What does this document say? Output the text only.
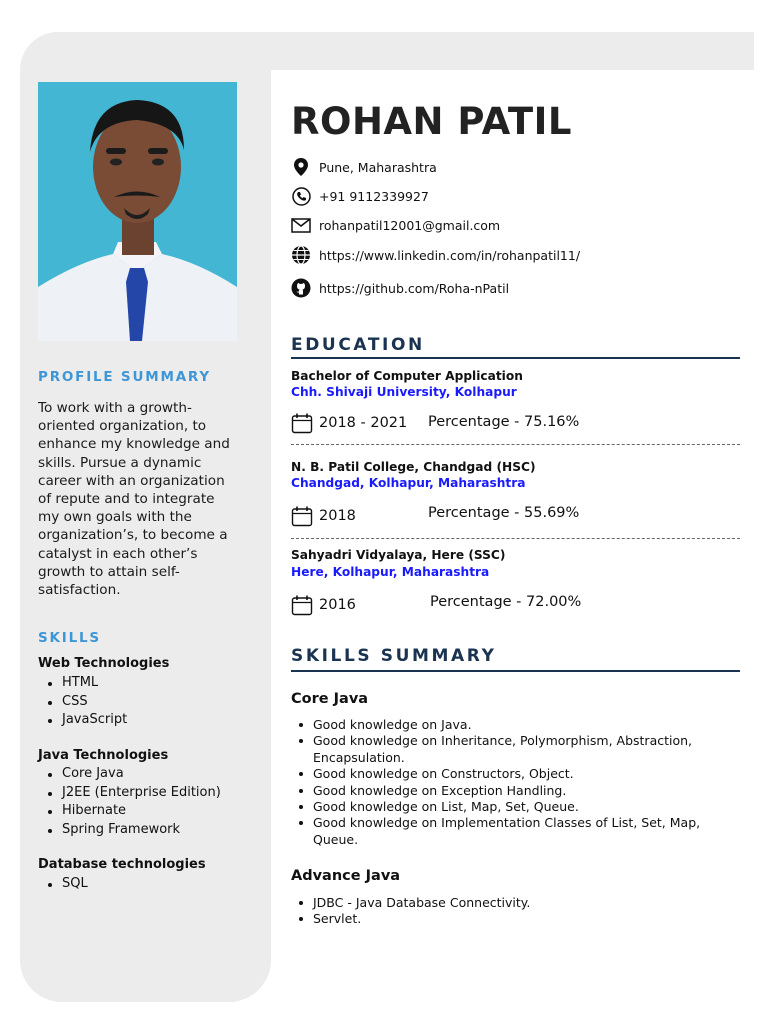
PROFILE SUMMARY
To work with a growth-oriented organization, to enhance my knowledge and skills. Pursue a dynamic career with an organization of repute and to integrate my own goals with the organization’s, to become a catalyst in each other’s growth to attain self-satisfaction.
SKILLS
Web Technologies
HTML
CSS
JavaScript
Java Technologies
Core Java
J2EE (Enterprise Edition)
Hibernate
Spring Framework
Database technologies
SQL
ROHAN PATIL
Pune, Maharashtra
+91 9112339927
rohanpatil12001@gmail.com
https://www.linkedin.com/in/rohanpatil11/
https://github.com/Roha-nPatil
EDUCATION
Bachelor of Computer Application
Chh. Shivaji University, Kolhapur
2018 - 2021 Percentage - 75.16%
N. B. Patil College, Chandgad (HSC)
Chandgad, Kolhapur, Maharashtra
2018	Percentage - 55.69%
Sahyadri Vidyalaya, Here (SSC)
Here, Kolhapur, Maharashtra
2016	Percentage - 72.00%
SKILLS SUMMARY
Core Java
Good knowledge on Java.
Good knowledge on Inheritance, Polymorphism, Abstraction, Encapsulation.
Good knowledge on Constructors, Object.
Good knowledge on Exception Handling.
Good knowledge on List, Map, Set, Queue.
Good knowledge on Implementation Classes of List, Set, Map, Queue.
Advance Java
JDBC - Java Database Connectivity.
Servlet.
